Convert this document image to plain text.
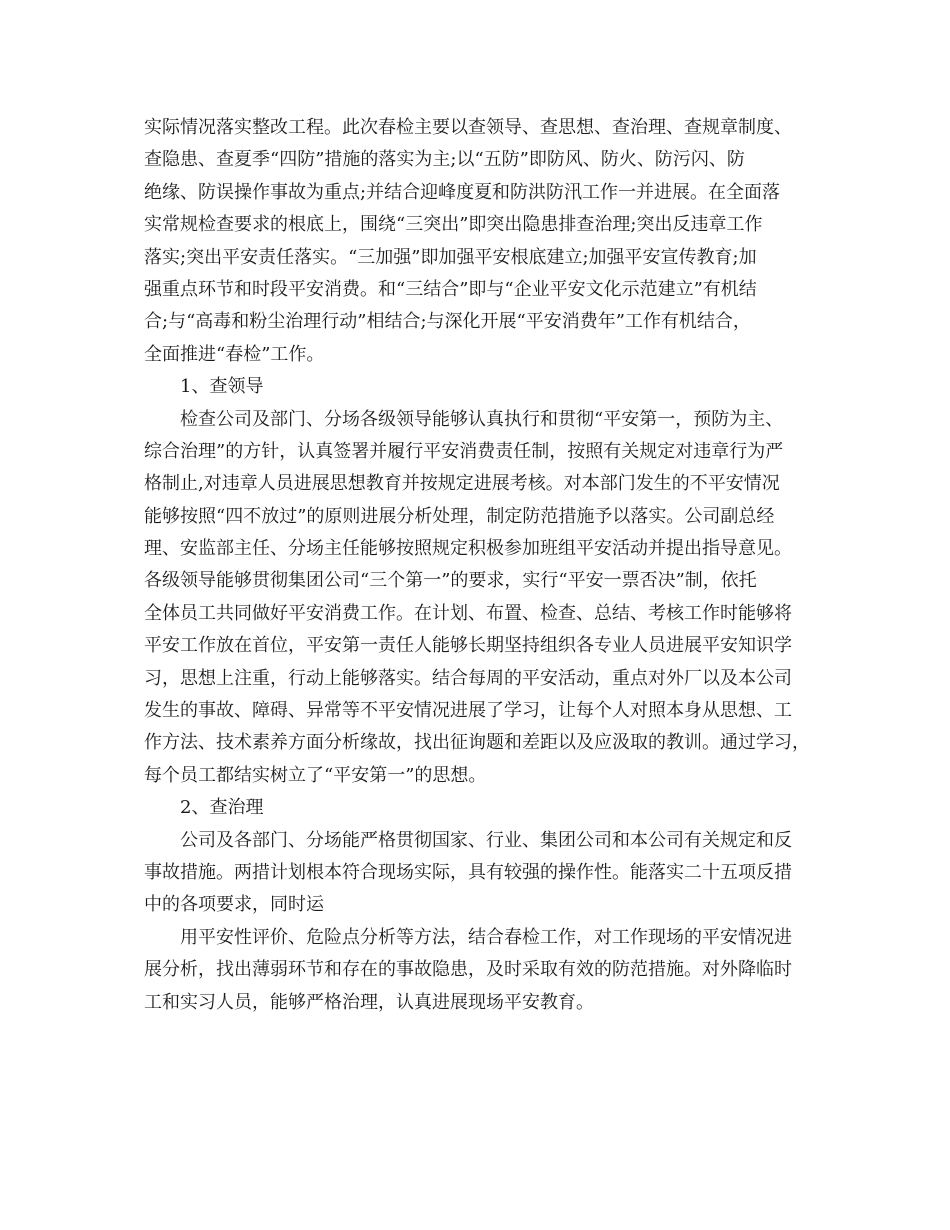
实际情况落实整改工程。此次春检主要以查领导、查思想、查治理、查规章制度、
查隐患、查夏季“四防”措施的落实为主;以“五防”即防风、防火、防污闪、防
绝缘、防误操作事故为重点;并结合迎峰度夏和防洪防汛工作一并进展。在全面落
实常规检查要求的根底上，围绕“三突出”即突出隐患排查治理;突出反违章工作
落实;突出平安责任落实。“三加强”即加强平安根底建立;加强平安宣传教育;加
强重点环节和时段平安消费。和“三结合”即与“企业平安文化示范建立”有机结
合;与“高毒和粉尘治理行动”相结合;与深化开展“平安消费年”工作有机结合，
全面推进“春检”工作。
1、查领导
检查公司及部门、分场各级领导能够认真执行和贯彻“平安第一，预防为主、
综合治理”的方针，认真签署并履行平安消费责任制，按照有关规定对违章行为严
格制止,对违章人员进展思想教育并按规定进展考核。对本部门发生的不平安情况
能够按照“四不放过”的原则进展分析处理，制定防范措施予以落实。公司副总经
理、安监部主任、分场主任能够按照规定积极参加班组平安活动并提出指导意见。
各级领导能够贯彻集团公司“三个第一”的要求，实行“平安一票否决”制，依托
全体员工共同做好平安消费工作。在计划、布置、检查、总结、考核工作时能够将
平安工作放在首位，平安第一责任人能够长期坚持组织各专业人员进展平安知识学
习，思想上注重，行动上能够落实。结合每周的平安活动，重点对外厂以及本公司
发生的事故、障碍、异常等不平安情况进展了学习，让每个人对照本身从思想、工
作方法、技术素养方面分析缘故，找出征询题和差距以及应汲取的教训。通过学习，
每个员工都结实树立了“平安第一”的思想。
2、查治理
公司及各部门、分场能严格贯彻国家、行业、集团公司和本公司有关规定和反
事故措施。两措计划根本符合现场实际，具有较强的操作性。能落实二十五项反措
中的各项要求，同时运
用平安性评价、危险点分析等方法，结合春检工作，对工作现场的平安情况进
展分析，找出薄弱环节和存在的事故隐患，及时采取有效的防范措施。对外降临时
工和实习人员，能够严格治理，认真进展现场平安教育。
